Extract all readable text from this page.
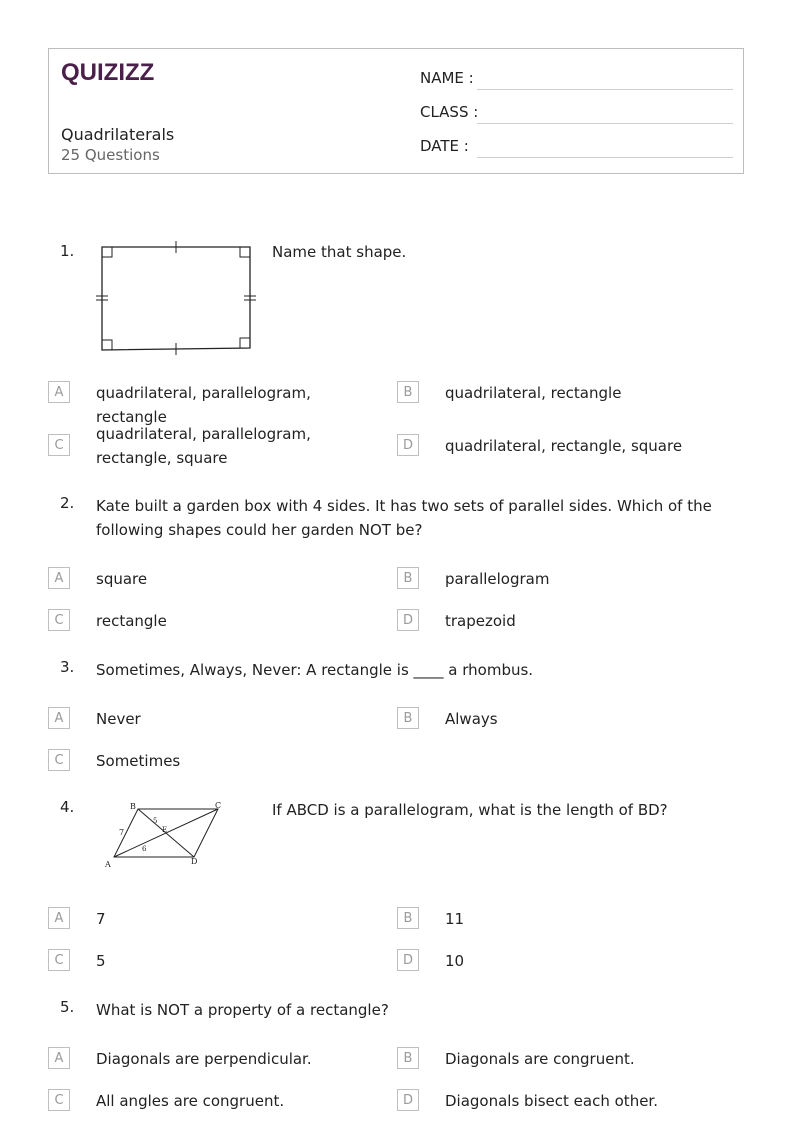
QUIZIZZ
Quadrilaterals
25 Questions
NAME :
CLASS :
DATE :
1.	Name that shape.
A	quadrilateral, parallelogram, rectangle
B	quadrilateral, rectangle
C
quadrilateral, parallelogram, rectangle, square
D	quadrilateral, rectangle, square
2. Kate built a garden box with 4 sides. It has two sets of parallel sides. Which of the following shapes could her garden NOT be?
A	square	B	parallelogram
C	rectangle	D	trapezoid
3. Sometimes, Always, Never: A rectangle is ____ a rhombus.
A	Never	B	Always
C	Sometimes
4.	B	C
A	D
E
7
5
6
If ABCD is a parallelogram, what is the length of BD?
A	7	B	11
C	5	D	10
5. What is NOT a property of a rectangle?
A	Diagonals are perpendicular.	B	Diagonals are congruent.
C	All angles are congruent.	D	Diagonals bisect each other.
